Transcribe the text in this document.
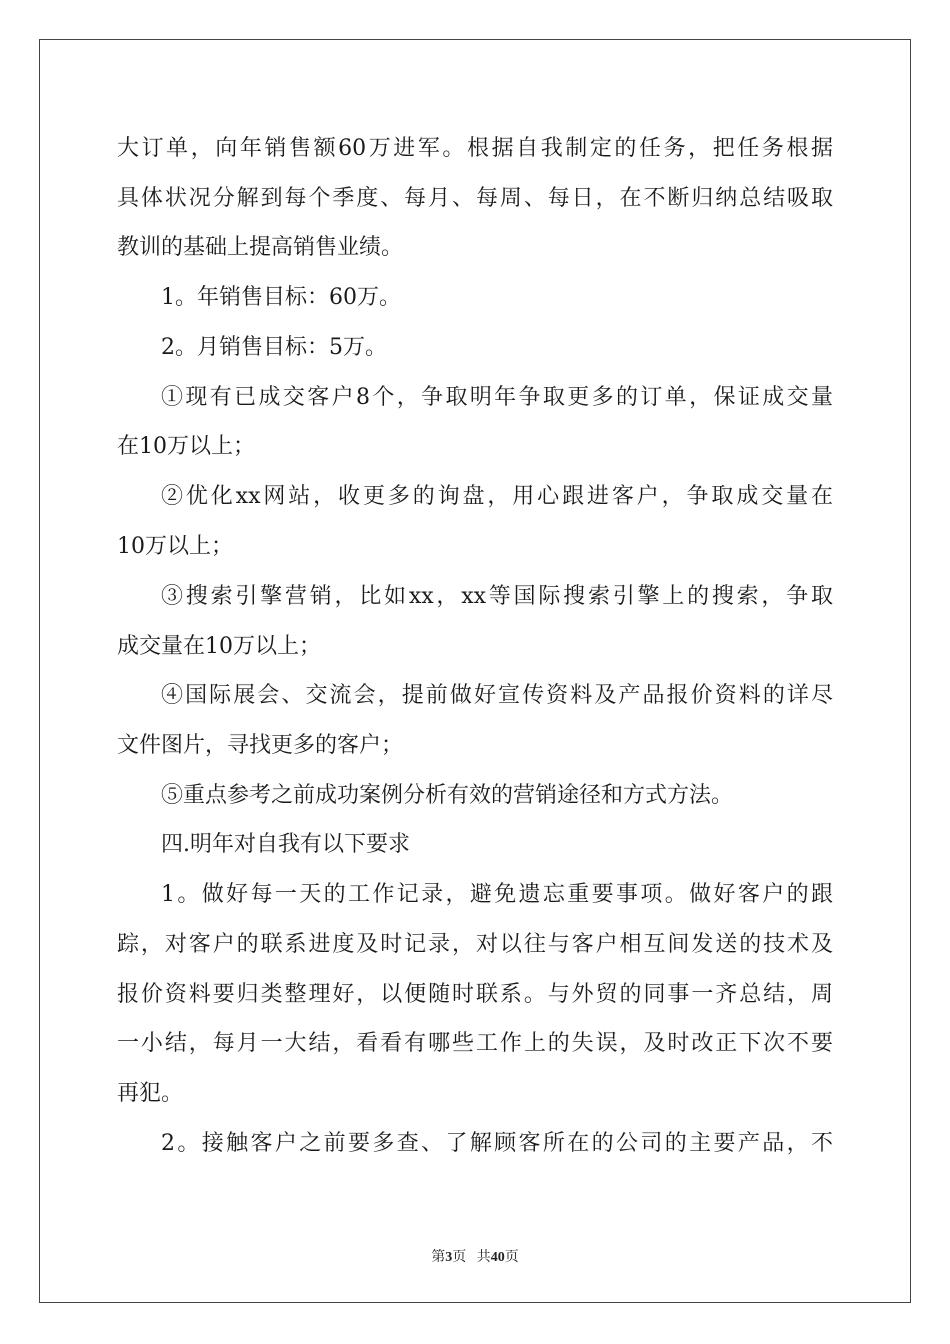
大订单，向年销售额60万进军。根据自我制定的任务，把任务根据
具体状况分解到每个季度、每月、每周、每日，在不断归纳总结吸取
教训的基础上提高销售业绩。
1。年销售目标：60万。
2。月销售目标：5万。
①现有已成交客户8个，争取明年争取更多的订单，保证成交量
在10万以上；
②优化xx网站，收更多的询盘，用心跟进客户，争取成交量在
10万以上；
③搜索引擎营销，比如xx，xx等国际搜索引擎上的搜索，争取
成交量在10万以上；
④国际展会、交流会，提前做好宣传资料及产品报价资料的详尽
文件图片，寻找更多的客户；
⑤重点参考之前成功案例分析有效的营销途径和方式方法。
四.明年对自我有以下要求
1。做好每一天的工作记录，避免遗忘重要事项。做好客户的跟
踪，对客户的联系进度及时记录，对以往与客户相互间发送的技术及
报价资料要归类整理好，以便随时联系。与外贸的同事一齐总结，周
一小结，每月一大结，看看有哪些工作上的失误，及时改正下次不要
再犯。
2。接触客户之前要多查、了解顾客所在的公司的主要产品，不
第3页 共40页
